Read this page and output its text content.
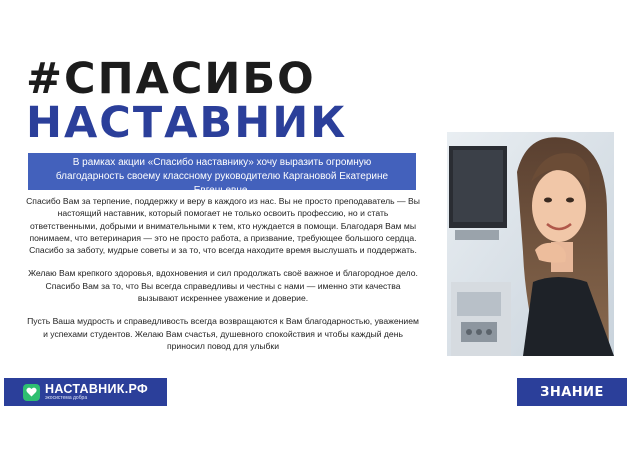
#СПАСИБО
НАСТАВНИК
В рамках акции «Спасибо наставнику» хочу выразить огромную благодарность своему классному руководителю Каргановой Екатерине Евгеньевне.

Спасибо Вам за терпение, поддержку и веру в каждого из нас. Вы не просто преподаватель — Вы настоящий наставник, который помогает не только освоить профессию, но и стать ответственными, добрыми и внимательными к тем, кто нуждается в помощи. Благодаря Вам мы понимаем, что ветеринария — это не просто работа, а призвание, требующее большого сердца. Спасибо за заботу, мудрые советы и за то, что всегда находите время выслушать и поддержать.

Желаю Вам крепкого здоровья, вдохновения и сил продолжать своё важное и благородное дело. Спасибо Вам за то, что Вы всегда справедливы и честны с нами — именно эти качества вызывают искреннее уважение и доверие.

Пусть Ваша мудрость и справедливость всегда возвращаются к Вам благодарностью, уважением и успехами студентов. Желаю Вам счастья, душевного спокойствия и чтобы каждый день приносил повод для улыбки

НАСТАВНИК.РФ
экосистема добра	ЗНАНИЕ
